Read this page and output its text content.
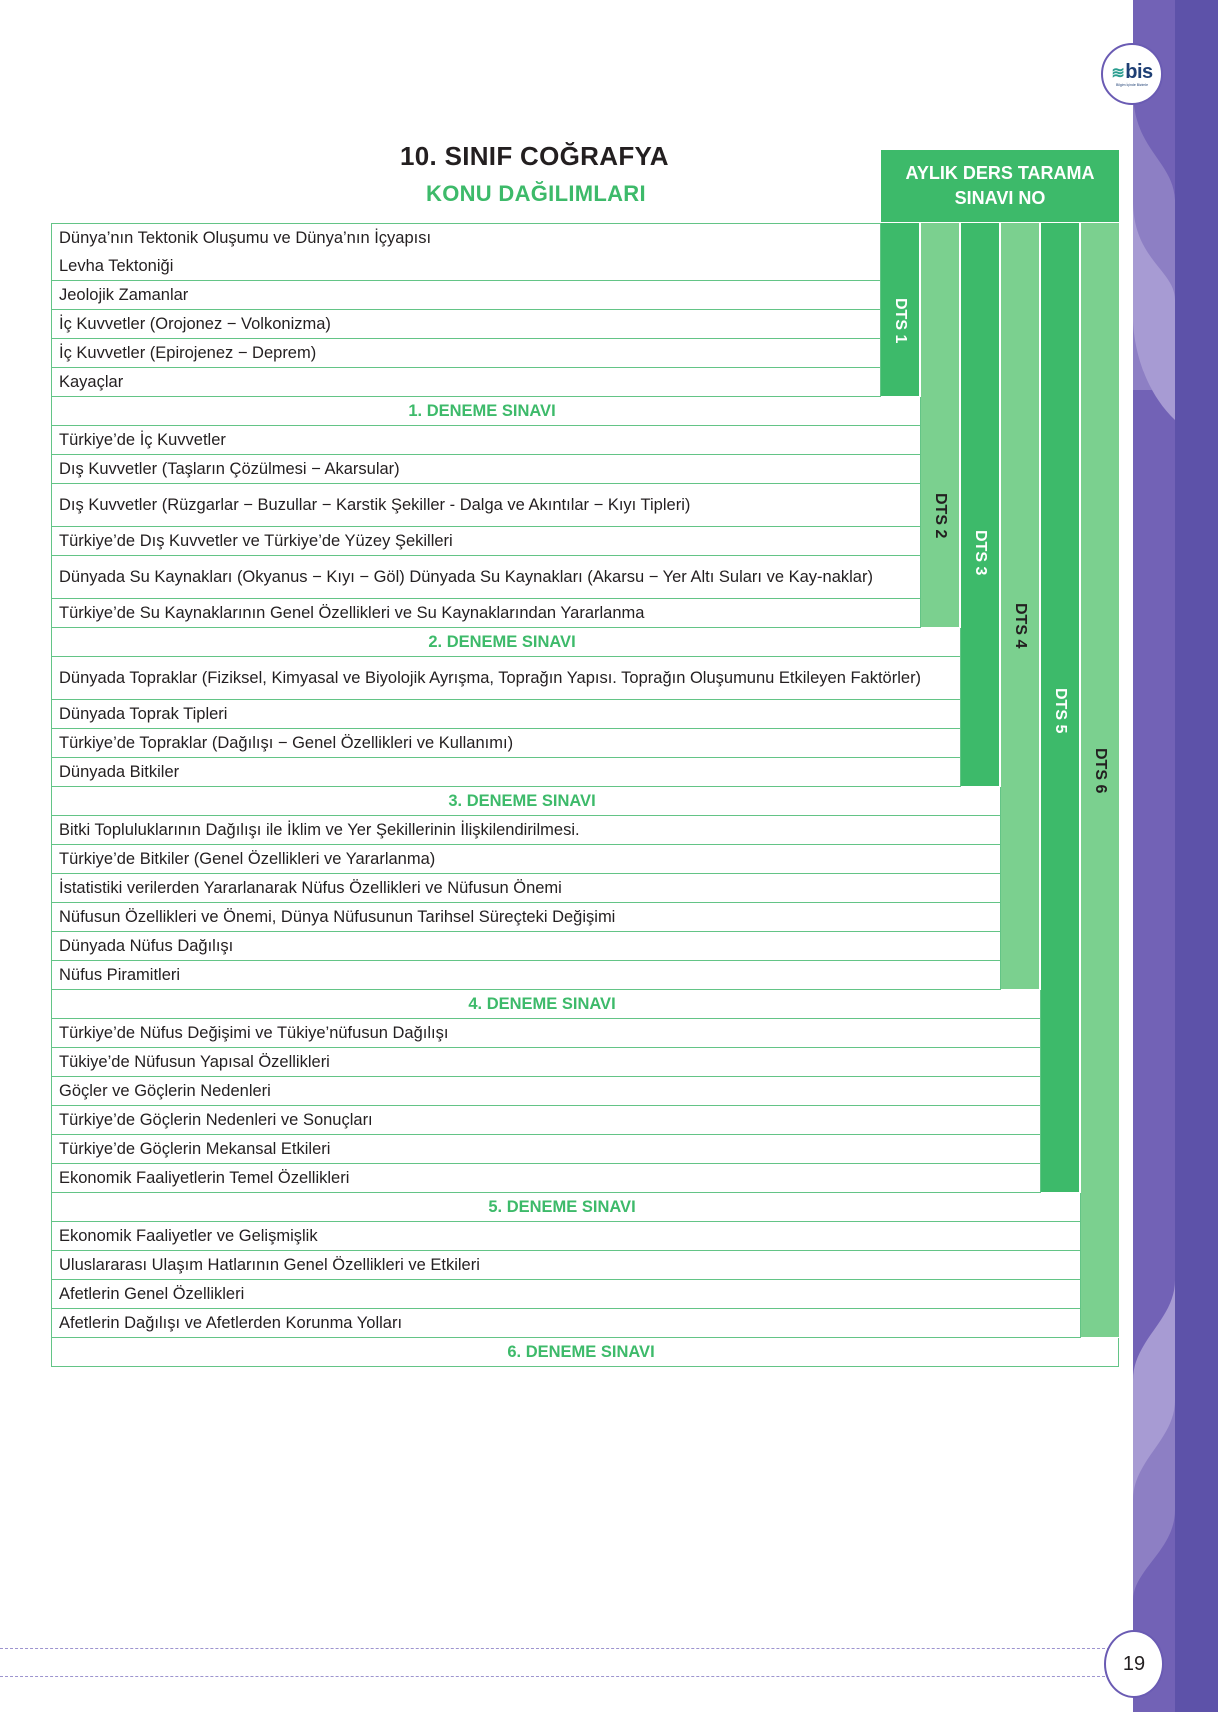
≋bis
Bilgim İçinde Bizimle
10. SINIF COĞRAFYA
KONU DAĞILIMLARI
AYLIK DERS TARAMA
SINAVI NO
Dünya’nın Tektonik Oluşumu ve Dünya’nın İçyapısı
Levha Tektoniği
Jeolojik Zamanlar
İç Kuvvetler (Orojonez − Volkonizma)
İç Kuvvetler (Epirojenez − Deprem)
Kayaçlar
1. DENEME SINAVI
Türkiye’de İç Kuvvetler
Dış Kuvvetler (Taşların Çözülmesi − Akarsular)
Dış Kuvvetler (Rüzgarlar − Buzullar − Karstik Şekiller - Dalga ve Akıntılar − Kıyı Tipleri)
Türkiye’de Dış Kuvvetler ve Türkiye’de Yüzey Şekilleri
Dünyada Su Kaynakları (Okyanus − Kıyı − Göl) Dünyada Su Kaynakları (Akarsu − Yer Altı Suları ve Kay-naklar)
Türkiye’de Su Kaynaklarının Genel Özellikleri ve Su Kaynaklarından Yararlanma
2. DENEME SINAVI
Dünyada Topraklar (Fiziksel, Kimyasal ve Biyolojik Ayrışma, Toprağın Yapısı. Toprağın Oluşumunu Etkileyen Faktörler)
Dünyada Toprak Tipleri
Türkiye’de Topraklar (Dağılışı − Genel Özellikleri ve Kullanımı)
Dünyada Bitkiler
3. DENEME SINAVI
Bitki Topluluklarının Dağılışı ile İklim ve Yer Şekillerinin İlişkilendirilmesi.
Türkiye’de Bitkiler (Genel Özellikleri ve Yararlanma)
İstatistiki verilerden Yararlanarak Nüfus Özellikleri ve Nüfusun Önemi
Nüfusun Özellikleri ve Önemi, Dünya Nüfusunun Tarihsel Süreçteki Değişimi
Dünyada Nüfus Dağılışı
Nüfus Piramitleri
4. DENEME SINAVI
Türkiye’de Nüfus Değişimi ve Tükiye’nüfusun Dağılışı
Tükiye’de Nüfusun Yapısal Özellikleri
Göçler ve Göçlerin Nedenleri
Türkiye’de Göçlerin Nedenleri ve Sonuçları
Türkiye’de Göçlerin Mekansal Etkileri
Ekonomik Faaliyetlerin Temel Özellikleri
5. DENEME SINAVI
Ekonomik Faaliyetler ve Gelişmişlik
Uluslararası Ulaşım Hatlarının Genel Özellikleri ve Etkileri
Afetlerin Genel Özellikleri
Afetlerin Dağılışı ve Afetlerden Korunma Yolları
6. DENEME SINAVI
DTS 1
DTS 2
DTS 3
DTS 4
DTS 5
DTS 6
19
